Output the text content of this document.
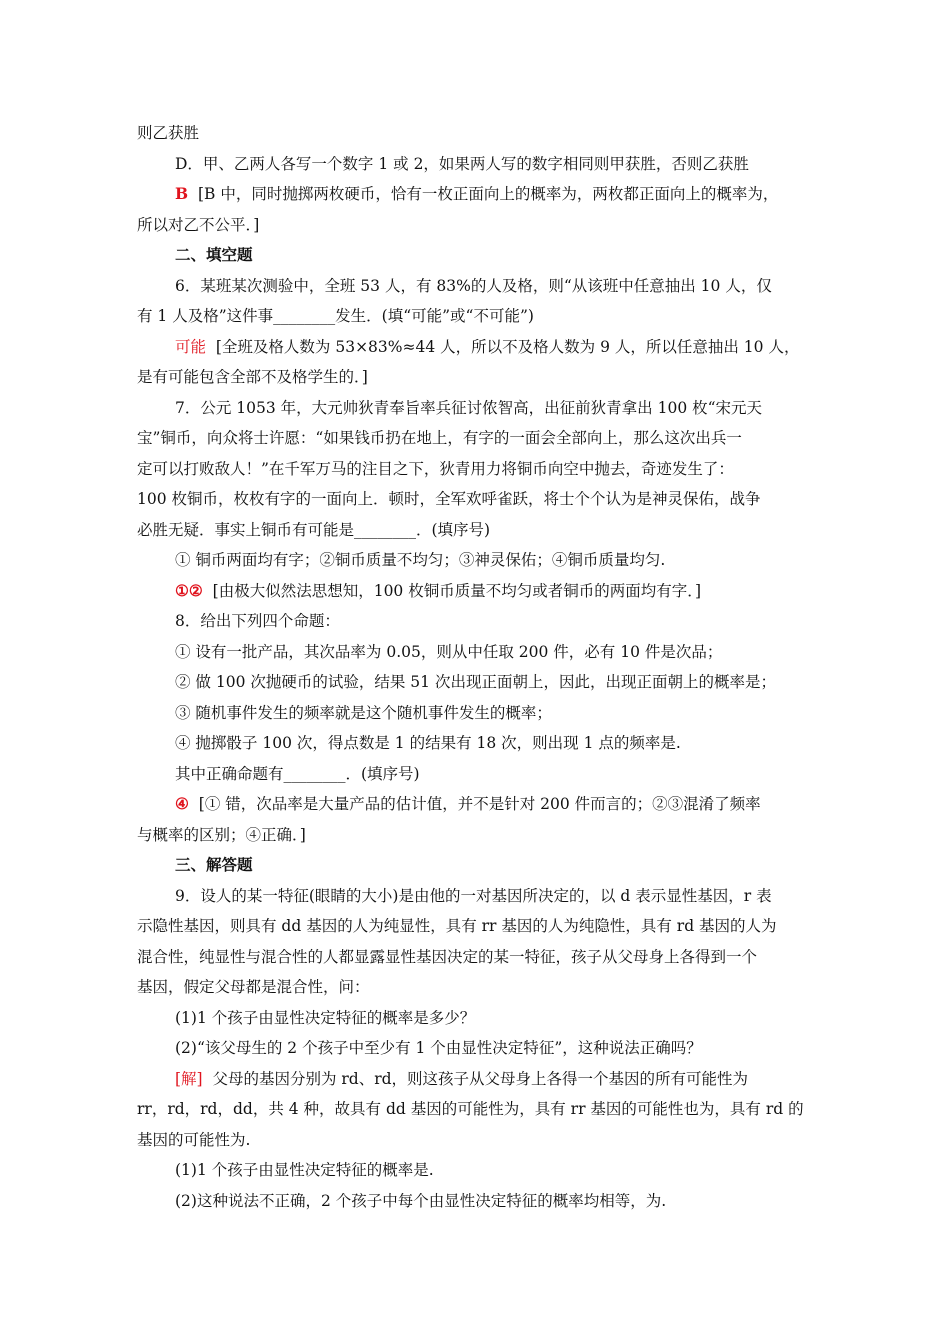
则乙获胜
D．甲、乙两人各写一个数字 1 或 2，如果两人写的数字相同则甲获胜，否则乙获胜
B [B 中，同时抛掷两枚硬币，恰有一枚正面向上的概率为，两枚都正面向上的概率为，
所以对乙不公平．]
二、填空题
6．某班某次测验中，全班 53 人，有 83%的人及格，则“从该班中任意抽出 10 人，仅
有 1 人及格”这件事________发生．(填“可能”或“不可能”)
可能 [全班及格人数为 53×83%≈44 人，所以不及格人数为 9 人，所以任意抽出 10 人，
是有可能包含全部不及格学生的．]
7．公元 1053 年，大元帅狄青奉旨率兵征讨侬智高，出征前狄青拿出 100 枚“宋元天
宝”铜币，向众将士许愿：“如果钱币扔在地上，有字的一面会全部向上，那么这次出兵一
定可以打败敌人！”在千军万马的注目之下，狄青用力将铜币向空中抛去，奇迹发生了：
100 枚铜币，枚枚有字的一面向上．顿时，全军欢呼雀跃，将士个个认为是神灵保佑，战争
必胜无疑．事实上铜币有可能是________．(填序号)
① 铜币两面均有字；②铜币质量不均匀；③神灵保佑；④铜币质量均匀.
①② [由极大似然法思想知，100 枚铜币质量不均匀或者铜币的两面均有字．]
8．给出下列四个命题：
① 设有一批产品，其次品率为 0.05，则从中任取 200 件，必有 10 件是次品；
② 做 100 次抛硬币的试验，结果 51 次出现正面朝上，因此，出现正面朝上的概率是；
③ 随机事件发生的频率就是这个随机事件发生的概率；
④ 抛掷骰子 100 次，得点数是 1 的结果有 18 次，则出现 1 点的频率是.
其中正确命题有________．(填序号)
④ [① 错，次品率是大量产品的估计值，并不是针对 200 件而言的；②③混淆了频率
与概率的区别；④正确．]
三、解答题
9．设人的某一特征(眼睛的大小)是由他的一对基因所决定的，以 d 表示显性基因，r 表
示隐性基因，则具有 dd 基因的人为纯显性，具有 rr 基因的人为纯隐性，具有 rd 基因的人为
混合性，纯显性与混合性的人都显露显性基因决定的某一特征，孩子从父母身上各得到一个
基因，假定父母都是混合性，问：
(1)1 个孩子由显性决定特征的概率是多少？
(2)“该父母生的 2 个孩子中至少有 1 个由显性决定特征”，这种说法正确吗？
[解] 父母的基因分别为 rd、rd，则这孩子从父母身上各得一个基因的所有可能性为
rr，rd，rd，dd，共 4 种，故具有 dd 基因的可能性为，具有 rr 基因的可能性也为，具有 rd 的
基因的可能性为.
(1)1 个孩子由显性决定特征的概率是.
(2)这种说法不正确，2 个孩子中每个由显性决定特征的概率均相等，为.
